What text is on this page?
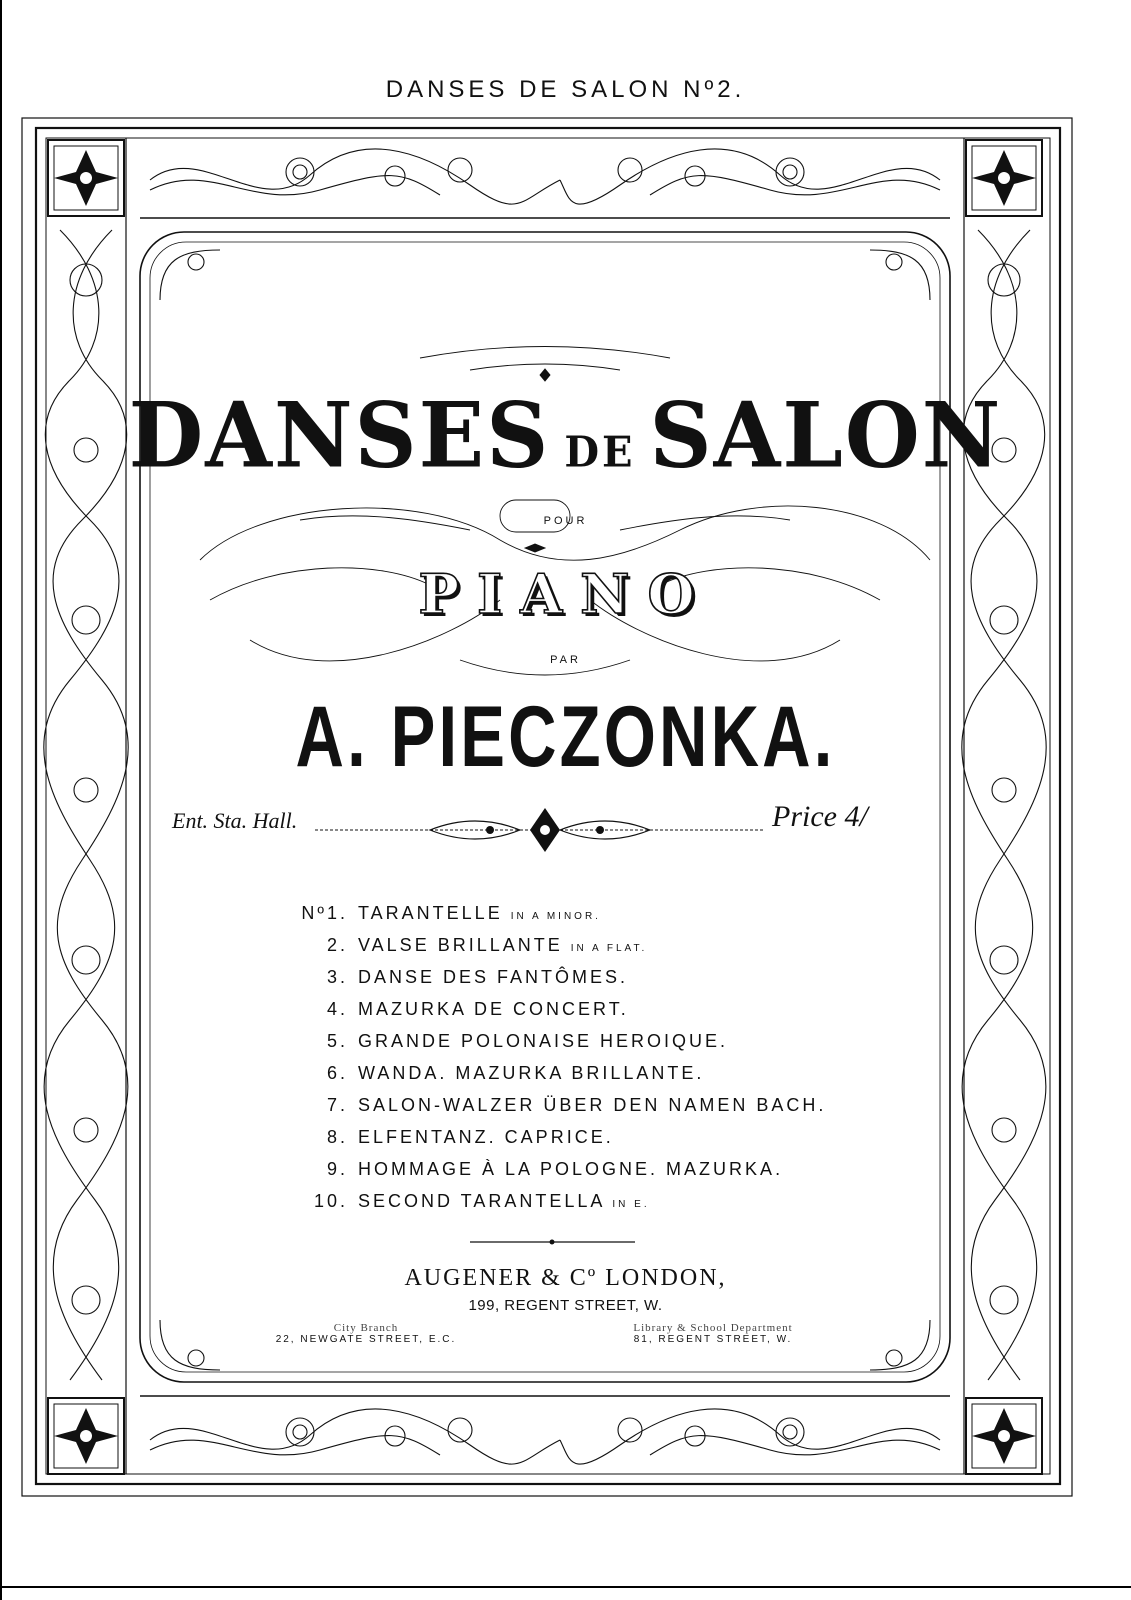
DANSES DE SALON Nº2.
DANSES DE SALON
POUR
PIANO
PAR
A. PIECZONKA.
Ent. Sta. Hall.	Price 4/
Nº1. TARANTELLE IN A MINOR.
2. VALSE BRILLANTE IN A FLAT.
3. DANSE DES FANTÔMES.
4. MAZURKA DE CONCERT.
5. GRANDE POLONAISE HEROIQUE.
6. WANDA. MAZURKA BRILLANTE.
7. SALON-WALZER ÜBER DEN NAMEN BACH.
8. ELFENTANZ. CAPRICE.
9. HOMMAGE À LA POLOGNE. MAZURKA.
10. SECOND TARANTELLA IN E.
AUGENER & Cº LONDON,
199, REGENT STREET, W.
City Branch
22, NEWGATE STREET, E.C.
Library & School Department
81, REGENT STREET, W.
